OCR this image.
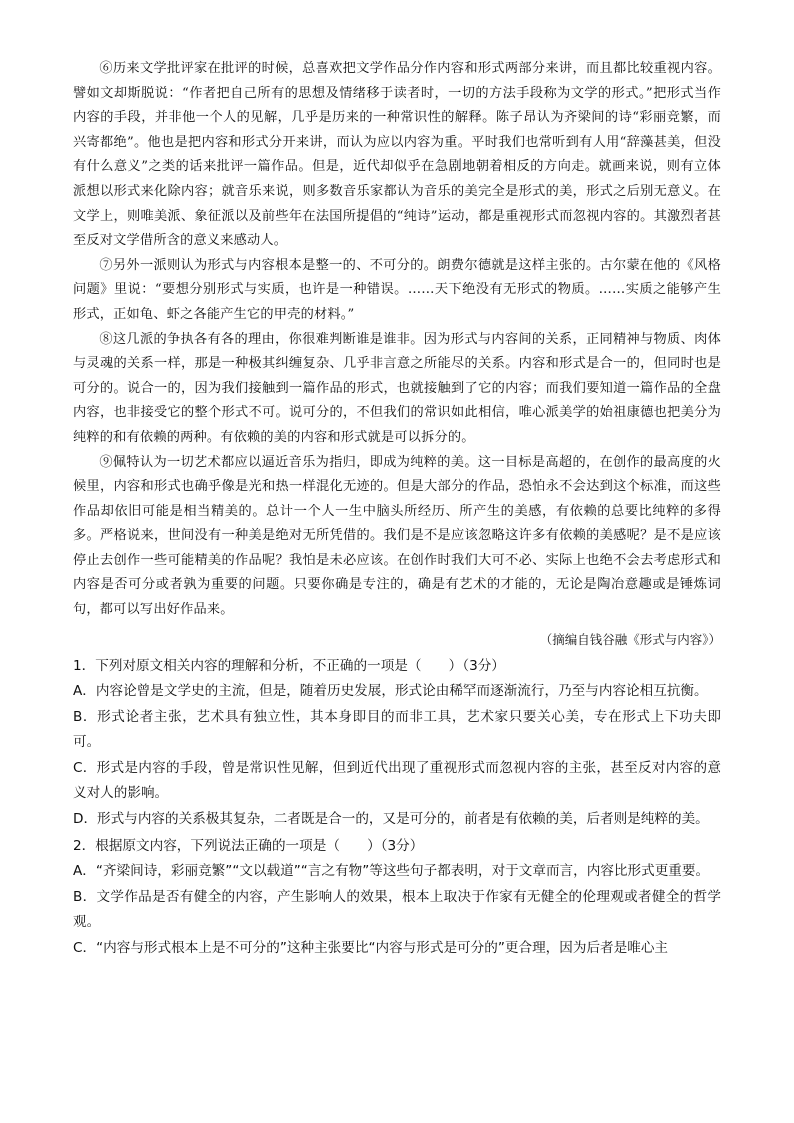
⑥历来文学批评家在批评的时候，总喜欢把文学作品分作内容和形式两部分来讲，而且都比较重视内容。譬如文却斯脱说：“作者把自己所有的思想及情绪移于读者时，一切的方法手段称为文学的形式。”把形式当作内容的手段，并非他一个人的见解，几乎是历来的一种常识性的解释。陈子昂认为齐梁间的诗“彩丽竞繁，而兴寄都绝”。他也是把内容和形式分开来讲，而认为应以内容为重。平时我们也常听到有人用“辞藻甚美，但没有什么意义”之类的话来批评一篇作品。但是，近代却似乎在急剧地朝着相反的方向走。就画来说，则有立体派想以形式来化除内容；就音乐来说，则多数音乐家都认为音乐的美完全是形式的美，形式之后别无意义。在文学上，则唯美派、象征派以及前些年在法国所提倡的“纯诗”运动，都是重视形式而忽视内容的。其激烈者甚至反对文学借所含的意义来感动人。

⑦另外一派则认为形式与内容根本是整一的、不可分的。朗费尔德就是这样主张的。古尔蒙在他的《风格问题》里说：“要想分别形式与实质，也许是一种错误。……天下绝没有无形式的物质。……实质之能够产生形式，正如龟、虾之各能产生它的甲壳的材料。”

⑧这几派的争执各有各的理由，你很难判断谁是谁非。因为形式与内容间的关系，正同精神与物质、肉体与灵魂的关系一样，那是一种极其纠缠复杂、几乎非言意之所能尽的关系。内容和形式是合一的，但同时也是可分的。说合一的，因为我们接触到一篇作品的形式，也就接触到了它的内容；而我们要知道一篇作品的全盘内容，也非接受它的整个形式不可。说可分的，不但我们的常识如此相信，唯心派美学的始祖康德也把美分为纯粹的和有依赖的两种。有依赖的美的内容和形式就是可以拆分的。

⑨佩特认为一切艺术都应以逼近音乐为指归，即成为纯粹的美。这一目标是高超的，在创作的最高度的火候里，内容和形式也确乎像是光和热一样混化无迹的。但是大部分的作品，恐怕永不会达到这个标准，而这些作品却依旧可能是相当精美的。总计一个人一生中脑头所经历、所产生的美感，有依赖的总要比纯粹的多得多。严格说来，世间没有一种美是绝对无所凭借的。我们是不是应该忽略这许多有依赖的美感呢？是不是应该停止去创作一些可能精美的作品呢？我怕是未必应该。在创作时我们大可不必、实际上也绝不会去考虑形式和内容是否可分或者孰为重要的问题。只要你确是专注的，确是有艺术的才能的，无论是陶冶意趣或是锤炼词句，都可以写出好作品来。

（摘编自钱谷融《形式与内容》）

1．下列对原文相关内容的理解和分析，不正确的一项是（　　）（3分）

A．内容论曾是文学史的主流，但是，随着历史发展，形式论由稀罕而逐渐流行，乃至与内容论相互抗衡。

B．形式论者主张，艺术具有独立性，其本身即目的而非工具，艺术家只要关心美，专在形式上下功夫即可。

C．形式是内容的手段，曾是常识性见解，但到近代出现了重视形式而忽视内容的主张，甚至反对内容的意义对人的影响。

D．形式与内容的关系极其复杂，二者既是合一的，又是可分的，前者是有依赖的美，后者则是纯粹的美。

2．根据原文内容，下列说法正确的一项是（　　）（3分）

A．“齐梁间诗，彩丽竞繁”“文以载道”“言之有物”等这些句子都表明，对于文章而言，内容比形式更重要。

B．文学作品是否有健全的内容，产生影响人的效果，根本上取决于作家有无健全的伦理观或者健全的哲学观。

C．“内容与形式根本上是不可分的”这种主张要比“内容与形式是可分的”更合理，因为后者是唯心主
